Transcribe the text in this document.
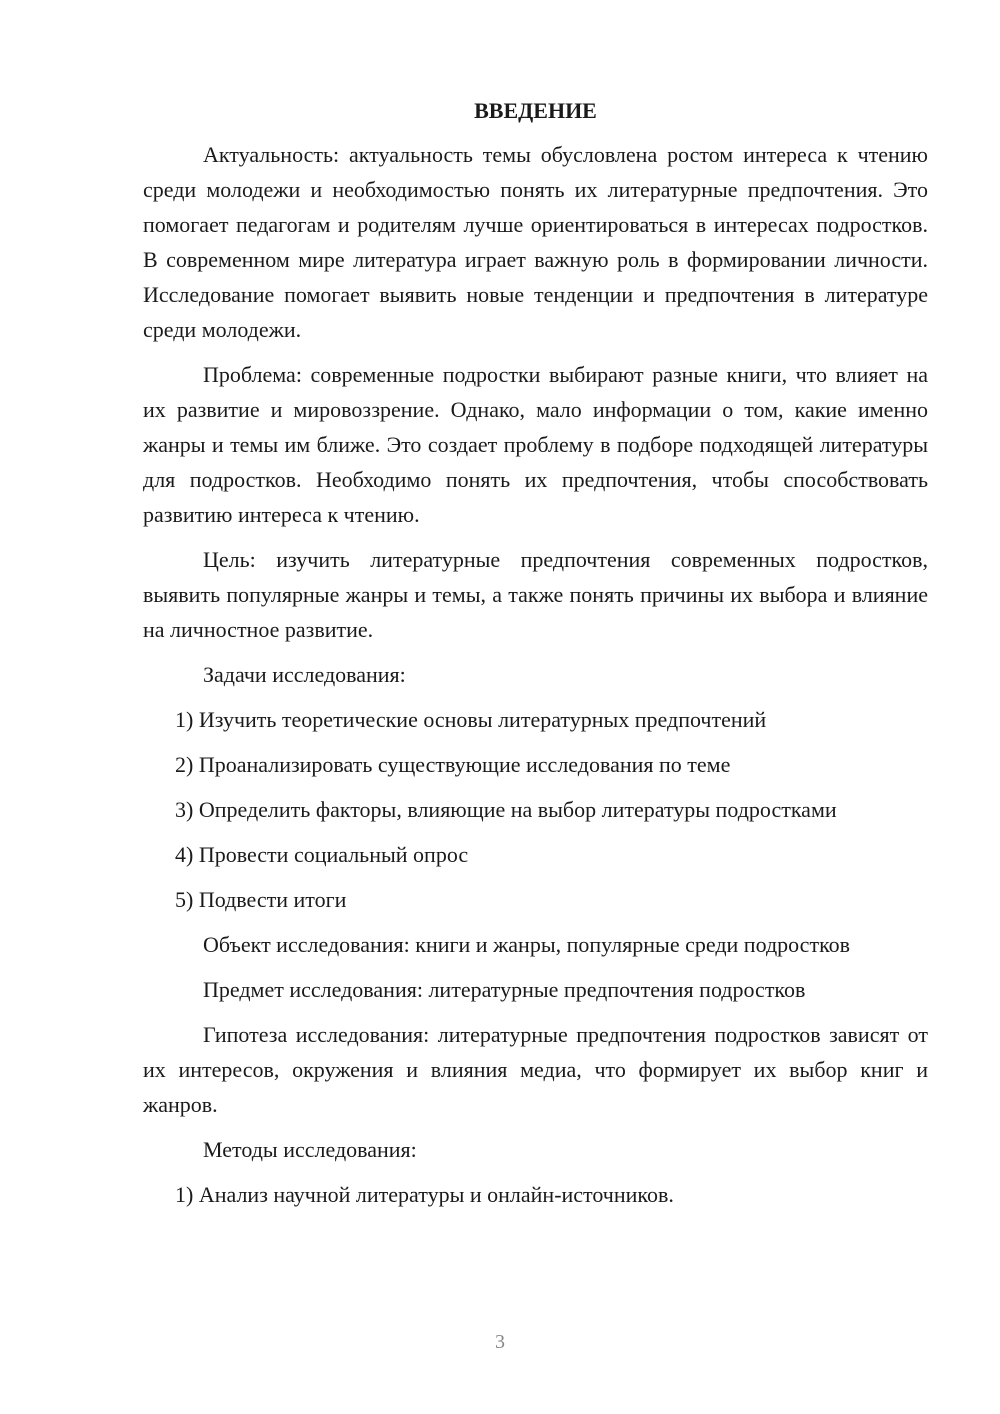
ВВЕДЕНИЕ

Актуальность: актуальность темы обусловлена ростом интереса к чтению среди молодежи и необходимостью понять их литературные предпочтения. Это помогает педагогам и родителям лучше ориентироваться в интересах подростков. В современном мире литература играет важную роль в формировании личности. Исследование помогает выявить новые тенденции и предпочтения в литературе среди молодежи.

Проблема: современные подростки выбирают разные книги, что влияет на их развитие и мировоззрение. Однако, мало информации о том, какие именно жанры и темы им ближе. Это создает проблему в подборе подходящей литературы для подростков. Необходимо понять их предпочтения, чтобы способствовать развитию интереса к чтению.

Цель: изучить литературные предпочтения современных подростков, выявить популярные жанры и темы, а также понять причины их выбора и влияние на личностное развитие.

Задачи исследования:

1) Изучить теоретические основы литературных предпочтений

2) Проанализировать существующие исследования по теме

3) Определить факторы, влияющие на выбор литературы подростками

4) Провести социальный опрос

5) Подвести итоги

Объект исследования: книги и жанры, популярные среди подростков

Предмет исследования: литературные предпочтения подростков

Гипотеза исследования: литературные предпочтения подростков зависят от их интересов, окружения и влияния медиа, что формирует их выбор книг и жанров.

Методы исследования:

1) Анализ научной литературы и онлайн-источников.

3
